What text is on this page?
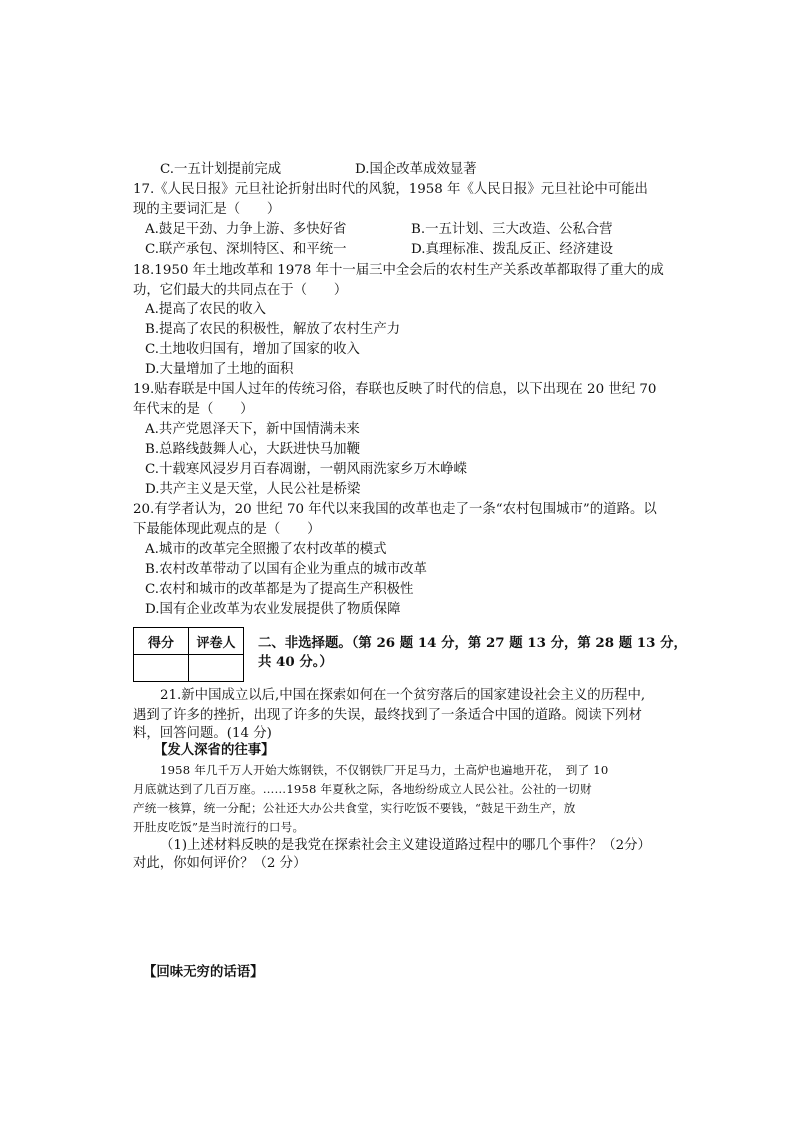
C.一五计划提前完成	D.国企改革成效显著
17.《人民日报》元旦社论折射出时代的风貌，1958 年《人民日报》元旦社论中可能出
现的主要词汇是（　　）
A.鼓足干劲、力争上游、多快好省	B.一五计划、三大改造、公私合营
C.联产承包、深圳特区、和平统一	D.真理标准、拨乱反正、经济建设
18.1950 年土地改革和 1978 年十一届三中全会后的农村生产关系改革都取得了重大的成
功，它们最大的共同点在于（　　）
A.提高了农民的收入
B.提高了农民的积极性，解放了农村生产力
C.土地收归国有，增加了国家的收入
D.大量增加了土地的面积
19.贴春联是中国人过年的传统习俗，春联也反映了时代的信息，以下出现在 20 世纪 70
年代末的是（　　）
A.共产党恩泽天下，新中国情满未来
B.总路线鼓舞人心，大跃进快马加鞭
C.十载寒风浸岁月百春凋谢，一朝风雨洗家乡万木峥嵘
D.共产主义是天堂，人民公社是桥梁
20.有学者认为，20 世纪 70 年代以来我国的改革也走了一条“农村包围城市”的道路。以
下最能体现此观点的是（　　）
A.城市的改革完全照搬了农村改革的模式
B.农村改革带动了以国有企业为重点的城市改革
C.农村和城市的改革都是为了提高生产积极性
D.国有企业改革为农业发展提供了物质保障
得分	评卷人
	二、非选择题。（第 26 题 14 分，第 27 题 13 分，第 28 题 13 分，
共 40 分。）
21.新中国成立以后,中国在探索如何在一个贫穷落后的国家建设社会主义的历程中,
遇到了许多的挫折，出现了许多的失误，最终找到了一条适合中国的道路。阅读下列材
料，回答问题。(14 分)
【发人深省的往事】
1958 年几千万人开始大炼钢铁，不仅钢铁厂开足马力，土高炉也遍地开花，　到了 10
月底就达到了几百万座。……1958 年夏秋之际，各地纷纷成立人民公社。公社的一切财
产统一核算，统一分配；公社还大办公共食堂，实行吃饭不要钱，“鼓足干劲生产，放
开肚皮吃饭”是当时流行的口号。
（1)上述材料反映的是我党在探索社会主义建设道路过程中的哪几个事件？（2分）
对此，你如何评价？（2 分）
【回味无穷的话语】
